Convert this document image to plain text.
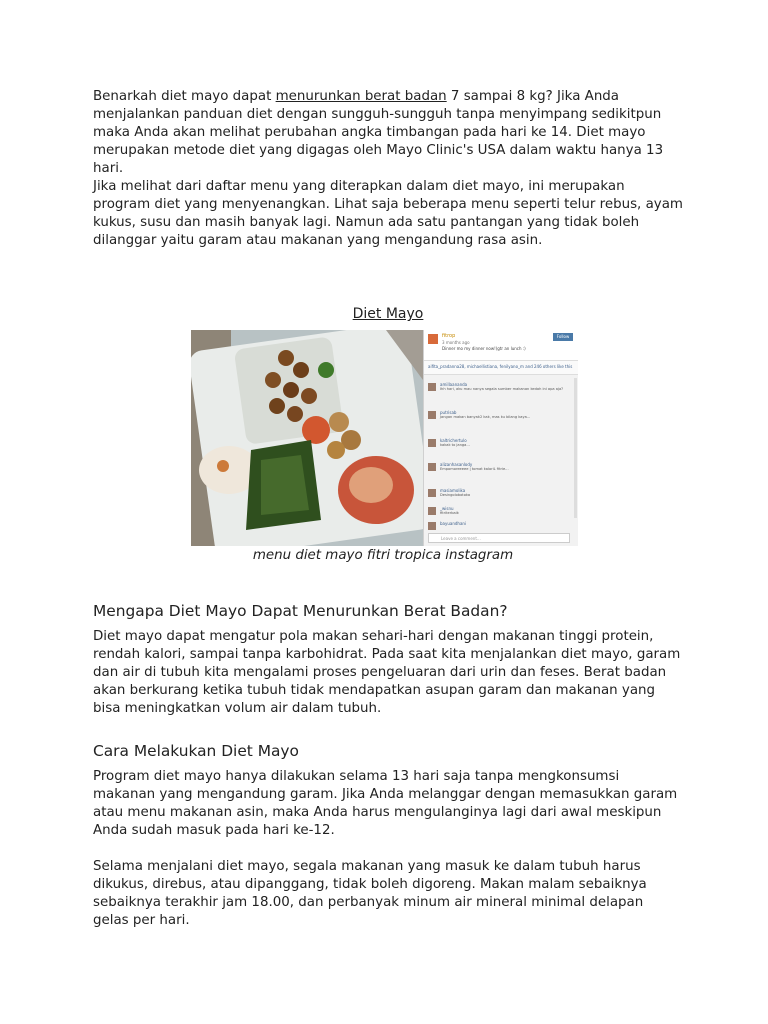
Benarkah diet mayo dapat menurunkan berat badan 7 sampai 8 kg? Jika Anda menjalankan panduan diet dengan sungguh-sungguh tanpa menyimpang sedikitpun maka Anda akan melihat perubahan angka timbangan pada hari ke 14. Diet mayo merupakan metode diet yang digagas oleh Mayo Clinic's USA dalam waktu hanya 13 hari.

Jika melihat dari daftar menu yang diterapkan dalam diet mayo, ini merupakan program diet yang menyenangkan. Lihat saja beberapa menu seperti telur rebus, ayam kukus, susu dan masih banyak lagi. Namun ada satu pantangan yang tidak boleh dilanggar yaitu garam atau makanan yang mengandung rasa asin.

Diet Mayo
fitrop
3 months ago
Dinner mo my dinner now!(gtr an lunch :)
Follow
aifita_pradanna28, michaellistiana, fenilyano_m and 246 others like this
amillaananda
Ihh hari, aku mau nanya segala sumber makanan kedah ini apa aja?
putrisab
Jangan makan banyak2 kak, mas ku bilang kaya...
kaltrichertulo
kakak to janga...
alizanhasanlody
Empomoreeeee | tomat kaloriL fitrie...
masiamolika
Desingolobotoka
_wisnu
fitriterbaik
bayuandhani
Leave a comment...
menu diet mayo fitri tropica instagram
Mengapa Diet Mayo Dapat Menurunkan Berat Badan?

Diet mayo dapat mengatur pola makan sehari-hari dengan makanan tinggi protein, rendah kalori, sampai tanpa karbohidrat. Pada saat kita menjalankan diet mayo, garam dan air di tubuh kita mengalami proses pengeluaran dari urin dan feses. Berat badan akan berkurang ketika tubuh tidak mendapatkan asupan garam dan makanan yang bisa meningkatkan volum air dalam tubuh.

Cara Melakukan Diet Mayo

Program diet mayo hanya dilakukan selama 13 hari saja tanpa mengkonsumsi makanan yang mengandung garam. Jika Anda melanggar dengan memasukkan garam atau menu makanan asin, maka Anda harus mengulanginya lagi dari awal meskipun Anda sudah masuk pada hari ke-12.

Selama menjalani diet mayo, segala makanan yang masuk ke dalam tubuh harus dikukus, direbus, atau dipanggang, tidak boleh digoreng. Makan malam sebaiknya sebaiknya terakhir jam 18.00, dan perbanyak minum air mineral minimal delapan gelas per hari.
